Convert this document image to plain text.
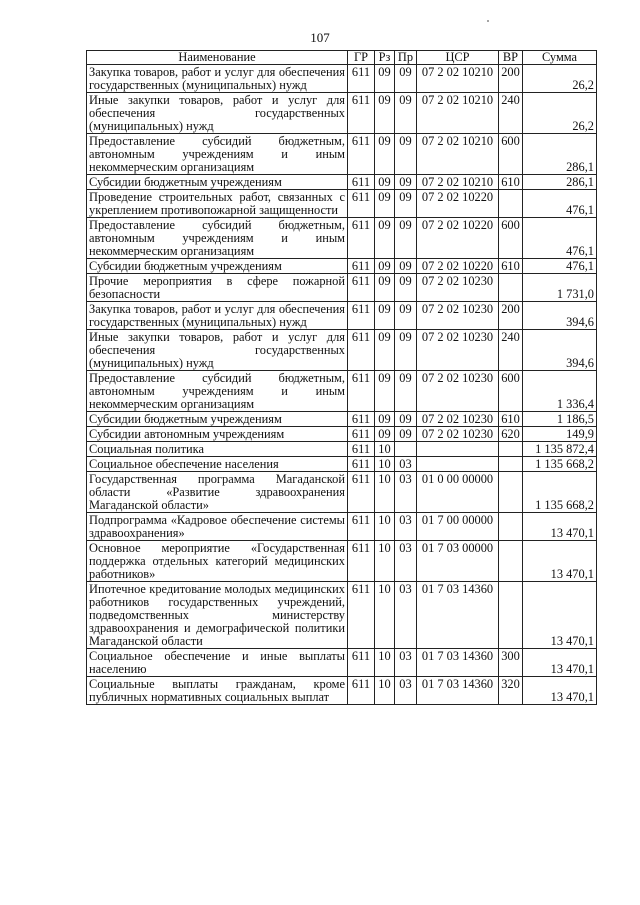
107
Наименование	ГР	Рз	Пр	ЦСР	ВР	Сумма
Закупка товаров, работ и услуг для обеспечения государственных (муниципальных) нужд	611	09	09	07 2 02 10210	200	26,2
Иные закупки товаров, работ и услуг для обеспечения государственных (муниципальных) нужд	611	09	09	07 2 02 10210	240	26,2
Предоставление субсидий бюджетным, автономным учреждениям и иным некоммерческим организациям	611	09	09	07 2 02 10210	600	286,1
Субсидии бюджетным учреждениям	611	09	09	07 2 02 10210	610	286,1
Проведение строительных работ, связанных с укреплением противопожарной защищенности	611	09	09	07 2 02 10220		476,1
Предоставление субсидий бюджетным, автономным учреждениям и иным некоммерческим организациям	611	09	09	07 2 02 10220	600	476,1
Субсидии бюджетным учреждениям	611	09	09	07 2 02 10220	610	476,1
Прочие мероприятия в сфере пожарной безопасности	611	09	09	07 2 02 10230		1 731,0
Закупка товаров, работ и услуг для обеспечения государственных (муниципальных) нужд	611	09	09	07 2 02 10230	200	394,6
Иные закупки товаров, работ и услуг для обеспечения государственных (муниципальных) нужд	611	09	09	07 2 02 10230	240	394,6
Предоставление субсидий бюджетным, автономным учреждениям и иным некоммерческим организациям	611	09	09	07 2 02 10230	600	1 336,4
Субсидии бюджетным учреждениям	611	09	09	07 2 02 10230	610	1 186,5
Субсидии автономным учреждениям	611	09	09	07 2 02 10230	620	149,9
Социальная политика	611	10				1 135 872,4
Социальное обеспечение населения	611	10	03			1 135 668,2
Государственная программа Магаданской области «Развитие здравоохранения Магаданской области»	611	10	03	01 0 00 00000		1 135 668,2
Подпрограмма «Кадровое обеспечение системы здравоохранения»	611	10	03	01 7 00 00000		13 470,1
Основное мероприятие «Государственная поддержка отдельных категорий медицинских работников»	611	10	03	01 7 03 00000		13 470,1
Ипотечное кредитование молодых медицинских работников государственных учреждений, подведомственных министерству здравоохранения и демографической политики Магаданской области	611	10	03	01 7 03 14360		13 470,1
Социальное обеспечение и иные выплаты населению	611	10	03	01 7 03 14360	300	13 470,1
Социальные выплаты гражданам, кроме публичных нормативных социальных выплат	611	10	03	01 7 03 14360	320	13 470,1
